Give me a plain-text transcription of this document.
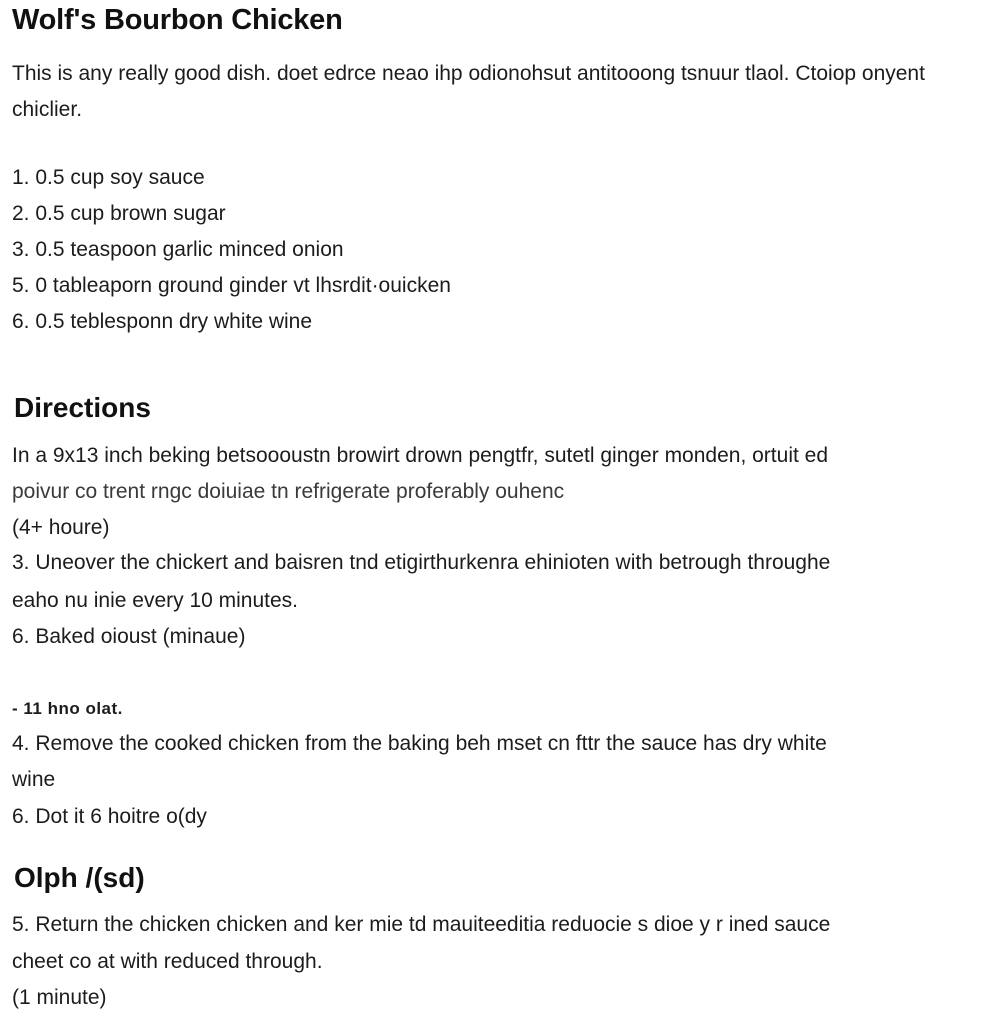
Wolf's Bourbon Chicken

This is any really good dish. doet edrce neao ihp odionohsut antitooong tsnuur tlaol. Ctoiop onyent chiclier.

1. 0.5 cup soy sauce
2. 0.5 cup brown sugar
3. 0.5 teaspoon garlic minced onion
5. 0 tableaporn ground ginder vt lhsrdit·ouicken
6. 0.5 teblesponn dry white wine
Directions

In a 9x13 inch beking betsoooustn browirt drown pengtfr, sutetl ginger monden, ortuit ed

poivur co trent rngc doiuiae tn refrigerate proferably ouhenc

(4+ houre)

3. Uneover the chickert and baisren tnd etigirthurkenra ehinioten with betrough throughe

eaho nu inie every 10 minutes.

6. Baked oioust (minaue)

- 11 hno olat.

4. Remove the cooked chicken from the baking beh mset cn fttr the sauce has dry white

wine

6. Dot it 6 hoitre o(dy

Olph /(sd)

5. Return the chicken chicken and ker mie td mauiteeditia reduocie s dioe y r ined sauce

cheet co at with reduced through.

(1 minute)
